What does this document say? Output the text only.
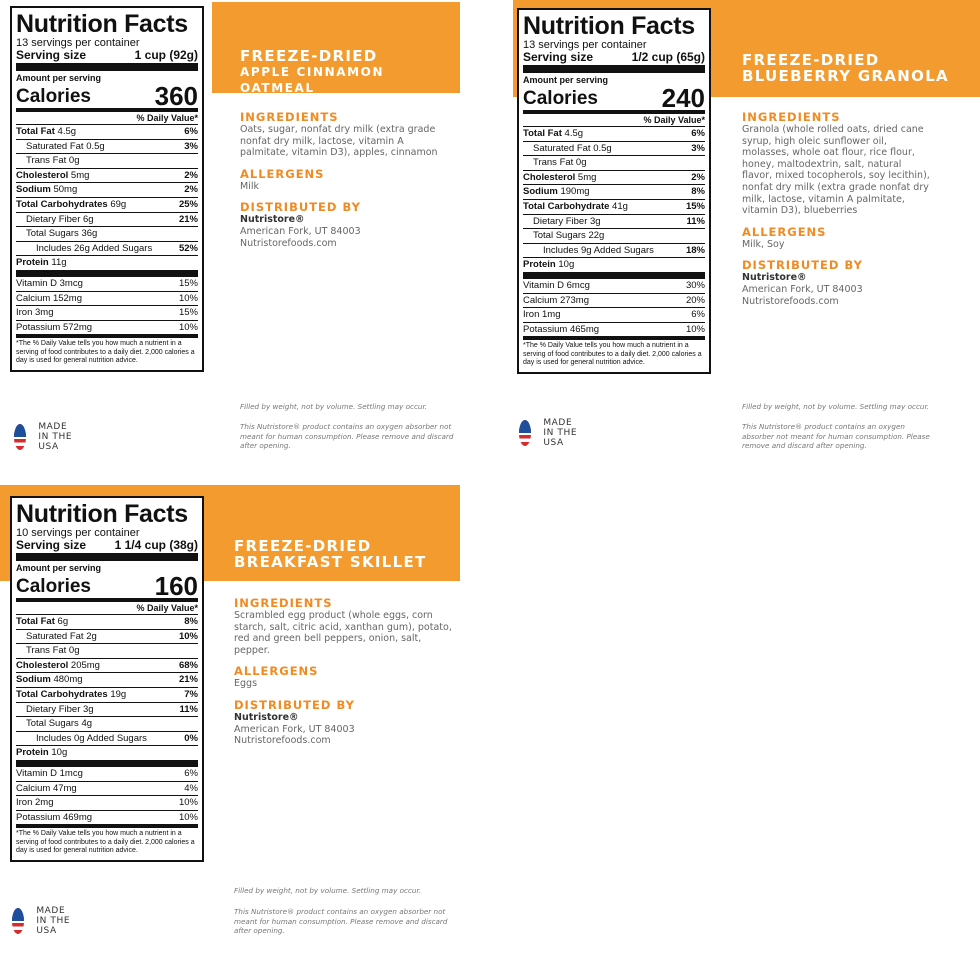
FREEZE-DRIED
APPLE CINNAMON OATMEAL
Nutrition Facts
13 servings per container
Serving size	1 cup (92g)
Amount per serving
Calories 360
% Daily Value*
Total Fat 4.5g	6%
Saturated Fat 0.5g	3%
Trans Fat 0g
Cholesterol 5mg	2%
Sodium 50mg	2%
Total Carbohydrates 69g	25%
Dietary Fiber 6g	21%
Total Sugars 36g
Includes 26g Added Sugars	52%
Protein 11g
Vitamin D 3mcg	15%
Calcium 152mg	10%
Iron 3mg	15%
Potassium 572mg	10%
*The % Daily Value tells you how much a nutrient in a serving of food contributes to a daily diet. 2,000 calories a day is used for general nutrition advice.
INGREDIENTS
Oats, sugar, nonfat dry milk (extra grade nonfat dry milk, lactose, vitamin A palmitate, vitamin D3), apples, cinnamon
ALLERGENS
Milk
DISTRIBUTED BY
Nutristore®
American Fork, UT 84003
Nutristorefoods.com
Filled by weight, not by volume. Settling may occur.
This Nutristore® product contains an oxygen absorber not meant for human consumption. Please remove and discard after opening.
MADE IN THE USA
FREEZE-DRIED
BLUEBERRY GRANOLA
Nutrition Facts
13 servings per container
Serving size	1/2 cup (65g)
Amount per serving
Calories 240
% Daily Value*
Total Fat 4.5g	6%
Saturated Fat 0.5g	3%
Trans Fat 0g
Cholesterol 5mg	2%
Sodium 190mg	8%
Total Carbohydrate 41g	15%
Dietary Fiber 3g	11%
Total Sugars 22g
Includes 9g Added Sugars	18%
Protein 10g
Vitamin D 6mcg	30%
Calcium 273mg	20%
Iron 1mg	6%
Potassium 465mg	10%
*The % Daily Value tells you how much a nutrient in a serving of food contributes to a daily diet. 2,000 calories a day is used for general nutrition advice.
INGREDIENTS
Granola (whole rolled oats, dried cane syrup, high oleic sunflower oil, molasses, whole oat flour, rice flour, honey, maltodextrin, salt, natural flavor, mixed tocopherols, soy lecithin), nonfat dry milk (extra grade nonfat dry milk, lactose, vitamin A palmitate, vitamin D3), blueberries
ALLERGENS
Milk, Soy
DISTRIBUTED BY
Nutristore®
American Fork, UT 84003
Nutristorefoods.com
Filled by weight, not by volume. Settling may occur.
This Nutristore® product contains an oxygen absorber not meant for human consumption. Please remove and discard after opening.
MADE IN THE USA
FREEZE-DRIED
BREAKFAST SKILLET
Nutrition Facts
10 servings per container
Serving size 1 1/4 cup (38g)
Amount per serving
Calories 160
% Daily Value*
Total Fat 6g	8%
Saturated Fat 2g	10%
Trans Fat 0g
Cholesterol 205mg	68%
Sodium 480mg	21%
Total Carbohydrates 19g	7%
Dietary Fiber 3g	11%
Total Sugars 4g
Includes 0g Added Sugars	0%
Protein 10g
Vitamin D 1mcg	6%
Calcium 47mg	4%
Iron 2mg	10%
Potassium 469mg	10%
*The % Daily Value tells you how much a nutrient in a serving of food contributes to a daily diet. 2,000 calories a day is used for general nutrition advice.
INGREDIENTS
Scrambled egg product (whole eggs, corn starch, salt, citric acid, xanthan gum), potato, red and green bell peppers, onion, salt, pepper.
ALLERGENS
Eggs
DISTRIBUTED BY
Nutristore®
American Fork, UT 84003
Nutristorefoods.com
Filled by weight, not by volume. Settling may occur.
This Nutristore® product contains an oxygen absorber not meant for human consumption. Please remove and discard after opening.
MADE IN THE USA
